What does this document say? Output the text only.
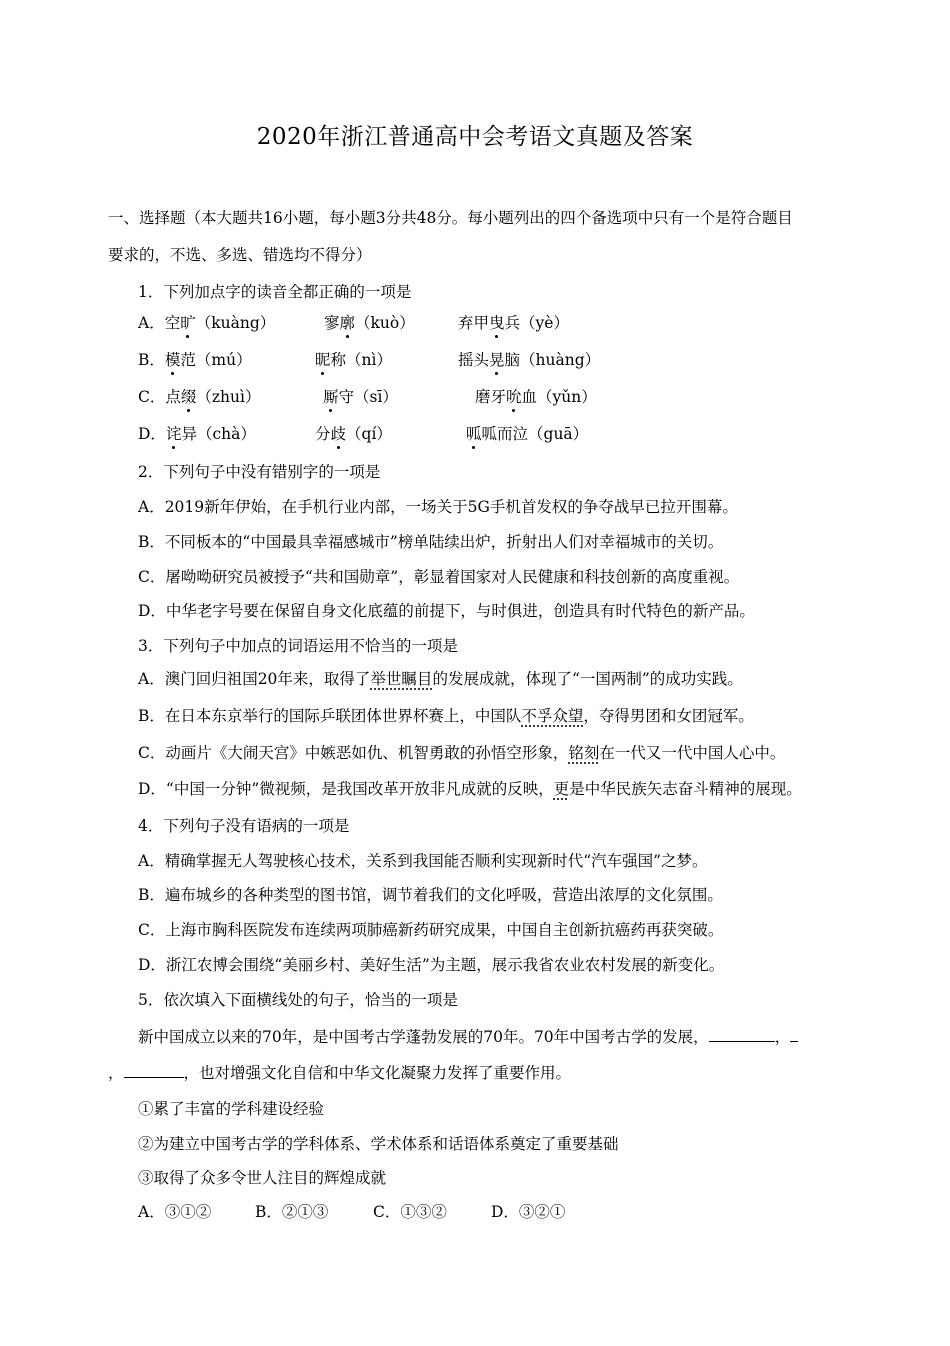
2020年浙江普通高中会考语文真题及答案
一、选择题（本大题共16小题，每小题3分共48分。每小题列出的四个备选项中只有一个是符合题目
要求的，不选、多选、错选均不得分）
1．下列加点字的读音全都正确的一项是
A．空旷（kuàng）	寥廓（kuò）	弃甲曳兵（yè）
B．模范（mú）	昵称（nì）	摇头晃脑（huàng）
C．点缀（zhuì）	厮守（sī）	磨牙吮血（yǔn）
D．诧异（chà）	分歧（qí）	呱呱而泣（guā）
2．下列句子中没有错别字的一项是
A．2019新年伊始，在手机行业内部，一场关于5G手机首发权的争夺战早已拉开围幕。
B．不同板本的“中国最具幸福感城市”榜单陆续出炉，折射出人们对幸福城市的关切。
C．屠呦呦研究员被授予“共和国勋章”，彰显着国家对人民健康和科技创新的高度重视。
D．中华老字号要在保留自身文化底蕴的前提下，与时俱进，创造具有时代特色的新产品。
3．下列句子中加点的词语运用不恰当的一项是
A．澳门回归祖国20年来，取得了举世瞩目的发展成就，体现了“一国两制”的成功实践。
B．在日本东京举行的国际乒联团体世界杯赛上，中国队不孚众望，夺得男团和女团冠军。
C．动画片《大闹天宫》中嫉恶如仇、机智勇敢的孙悟空形象，铭刻在一代又一代中国人心中。
D．“中国一分钟”微视频，是我国改革开放非凡成就的反映，更是中华民族矢志奋斗精神的展现。
4．下列句子没有语病的一项是
A．精确掌握无人驾驶核心技术，关系到我国能否顺利实现新时代“汽车强国”之梦。
B．遍布城乡的各种类型的图书馆，调节着我们的文化呼吸，营造出浓厚的文化氛围。
C．上海市胸科医院发布连续两项肺癌新药研究成果，中国自主创新抗癌药再获突破。
D．浙江农博会围绕“美丽乡村、美好生活”为主题，展示我省农业农村发展的新变化。
5．依次填入下面横线处的句子，恰当的一项是
新中国成立以来的70年，是中国考古学蓬勃发展的70年。70年中国考古学的发展，	，
，	，也对增强文化自信和中华文化凝聚力发挥了重要作用。
①累了丰富的学科建设经验
②为建立中国考古学的学科体系、学术体系和话语体系奠定了重要基础
③取得了众多令世人注目的辉煌成就
A．③①②	B．②①③	C．①③②	D．③②①
